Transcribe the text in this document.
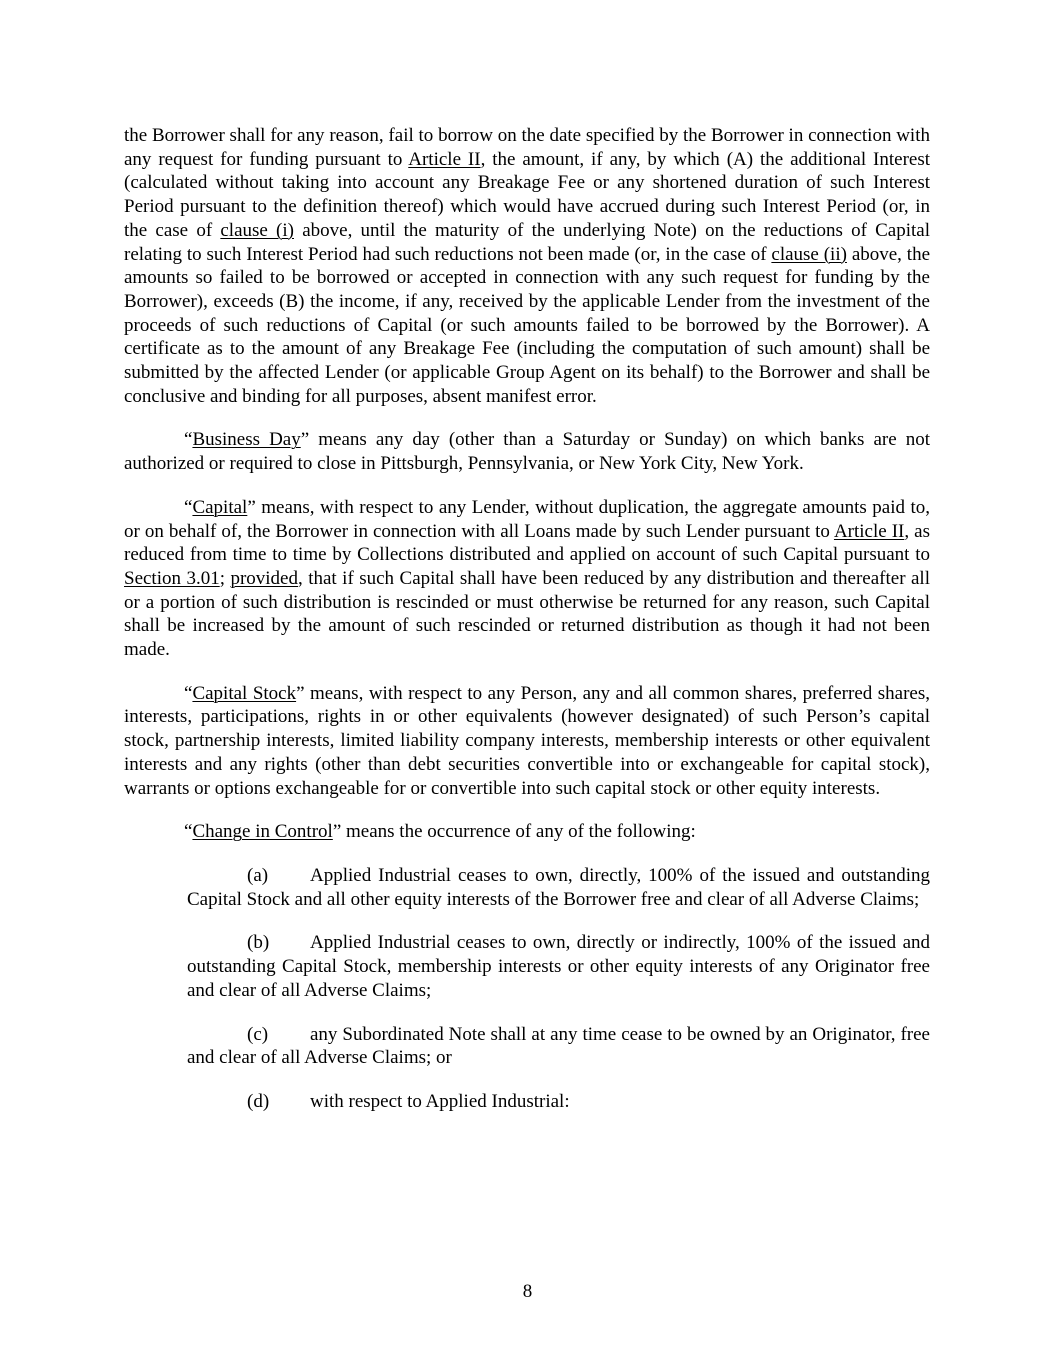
the Borrower shall for any reason, fail to borrow on the date specified by the Borrower in connection with any request for funding pursuant to Article II, the amount, if any, by which (A) the additional Interest (calculated without taking into account any Breakage Fee or any shortened duration of such Interest Period pursuant to the definition thereof) which would have accrued during such Interest Period (or, in the case of clause (i) above, until the maturity of the underlying Note) on the reductions of Capital relating to such Interest Period had such reductions not been made (or, in the case of clause (ii) above, the amounts so failed to be borrowed or accepted in connection with any such request for funding by the Borrower), exceeds (B) the income, if any, received by the applicable Lender from the investment of the proceeds of such reductions of Capital (or such amounts failed to be borrowed by the Borrower). A certificate as to the amount of any Breakage Fee (including the computation of such amount) shall be submitted by the affected Lender (or applicable Group Agent on its behalf) to the Borrower and shall be conclusive and binding for all purposes, absent manifest error.

“Business Day” means any day (other than a Saturday or Sunday) on which banks are not authorized or required to close in Pittsburgh, Pennsylvania, or New York City, New York.

“Capital” means, with respect to any Lender, without duplication, the aggregate amounts paid to, or on behalf of, the Borrower in connection with all Loans made by such Lender pursuant to Article II, as reduced from time to time by Collections distributed and applied on account of such Capital pursuant to Section 3.01; provided, that if such Capital shall have been reduced by any distribution and thereafter all or a portion of such distribution is rescinded or must otherwise be returned for any reason, such Capital shall be increased by the amount of such rescinded or returned distribution as though it had not been made.

“Capital Stock” means, with respect to any Person, any and all common shares, preferred shares, interests, participations, rights in or other equivalents (however designated) of such Person’s capital stock, partnership interests, limited liability company interests, membership interests or other equivalent interests and any rights (other than debt securities convertible into or exchangeable for capital stock), warrants or options exchangeable for or convertible into such capital stock or other equity interests.

“Change in Control” means the occurrence of any of the following:

(a) Applied Industrial ceases to own, directly, 100% of the issued and outstanding Capital Stock and all other equity interests of the Borrower free and clear of all Adverse Claims;

(b) Applied Industrial ceases to own, directly or indirectly, 100% of the issued and outstanding Capital Stock, membership interests or other equity interests of any Originator free and clear of all Adverse Claims;

(c) any Subordinated Note shall at any time cease to be owned by an Originator, free and clear of all Adverse Claims; or

(d) with respect to Applied Industrial:

8
